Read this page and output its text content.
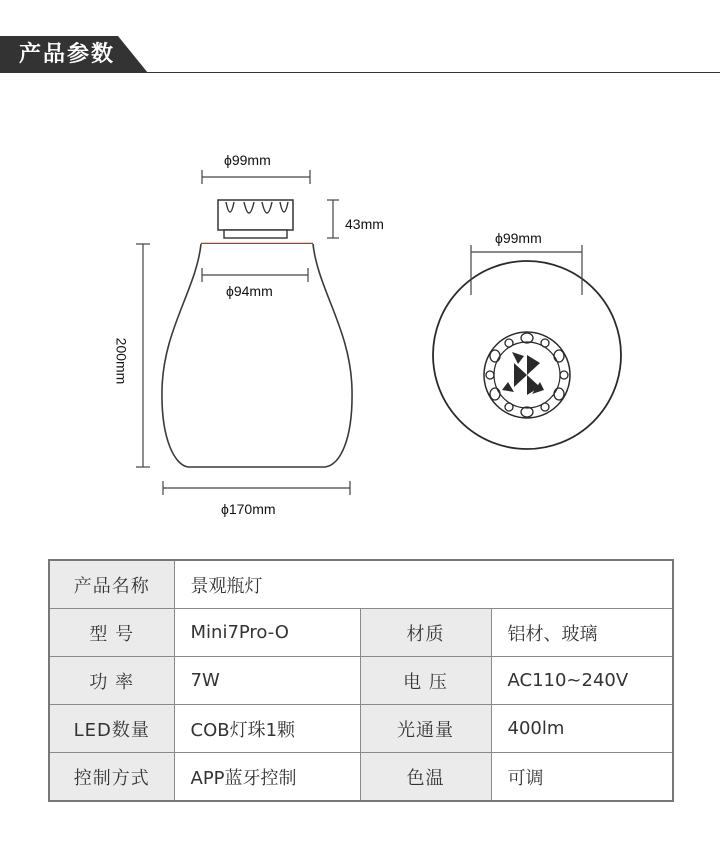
产品参数
ϕ99mm
43mm
ϕ94mm
200mm
ϕ170mm
ϕ99mm
产品名称	景观瓶灯		
型 号	Mini7Pro-O	材质	铝材、玻璃
功 率	7W	电 压	AC110~240V
LED数量	COB灯珠1颗	光通量	400lm
控制方式	APP蓝牙控制	色温	可调
